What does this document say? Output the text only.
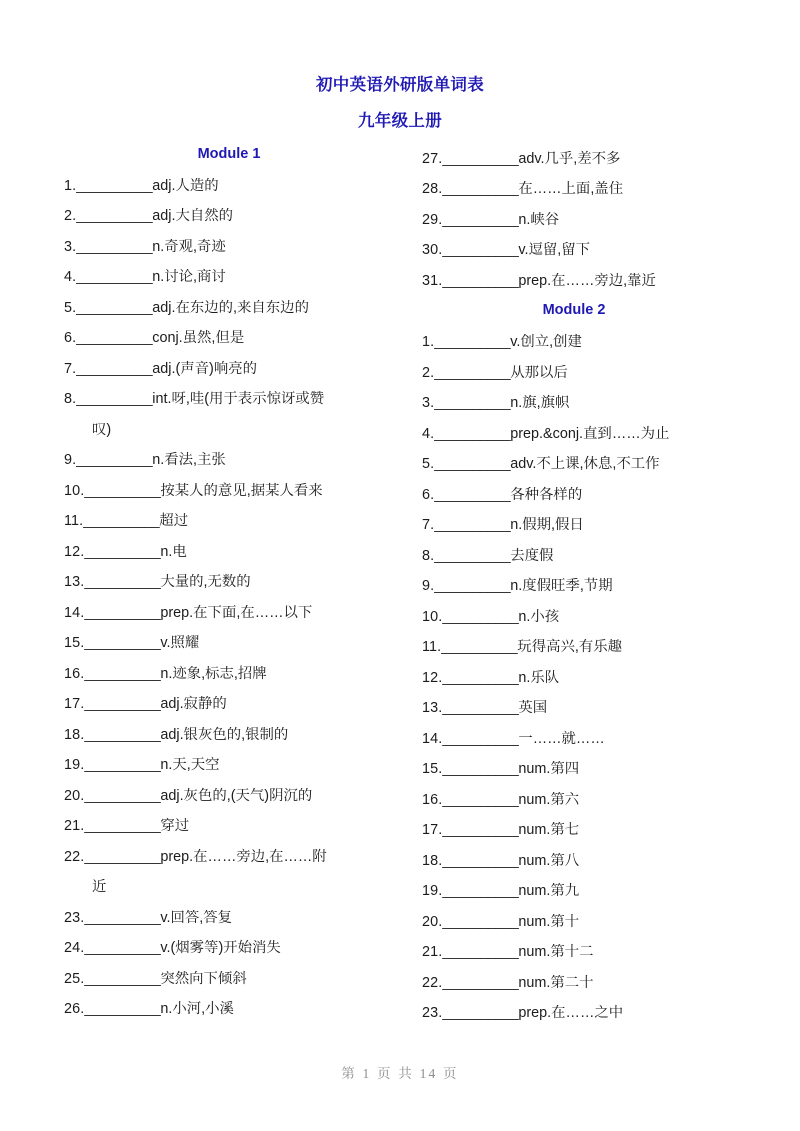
初中英语外研版单词表
九年级上册
Module 1
1.__________adj.人造的
2.__________adj.大自然的
3.__________n.奇观,奇迹
4.__________n.讨论,商讨
5.__________adj.在东边的,来自东边的
6.__________conj.虽然,但是
7.__________adj.(声音)响亮的
8.__________int.呀,哇(用于表示惊讶或赞
叹)
9.__________n.看法,主张
10.__________按某人的意见,据某人看来
11.__________超过
12.__________n.电
13.__________大量的,无数的
14.__________prep.在下面,在……以下
15.__________v.照耀
16.__________n.迹象,标志,招牌
17.__________adj.寂静的
18.__________adj.银灰色的,银制的
19.__________n.天,天空
20.__________adj.灰色的,(天气)阴沉的
21.__________穿过
22.__________prep.在……旁边,在……附
近
23.__________v.回答,答复
24.__________v.(烟雾等)开始消失
25.__________突然向下倾斜
26.__________n.小河,小溪
27.__________adv.几乎,差不多
28.__________在……上面,盖住
29.__________n.峡谷
30.__________v.逗留,留下
31.__________prep.在……旁边,靠近
Module 2
1.__________v.创立,创建
2.__________从那以后
3.__________n.旗,旗帜
4.__________prep.&conj.直到……为止
5.__________adv.不上课,休息,不工作
6.__________各种各样的
7.__________n.假期,假日
8.__________去度假
9.__________n.度假旺季,节期
10.__________n.小孩
11.__________玩得高兴,有乐趣
12.__________n.乐队
13.__________英国
14.__________一……就……
15.__________num.第四
16.__________num.第六
17.__________num.第七
18.__________num.第八
19.__________num.第九
20.__________num.第十
21.__________num.第十二
22.__________num.第二十
23.__________prep.在……之中
第 1 页 共 14 页
